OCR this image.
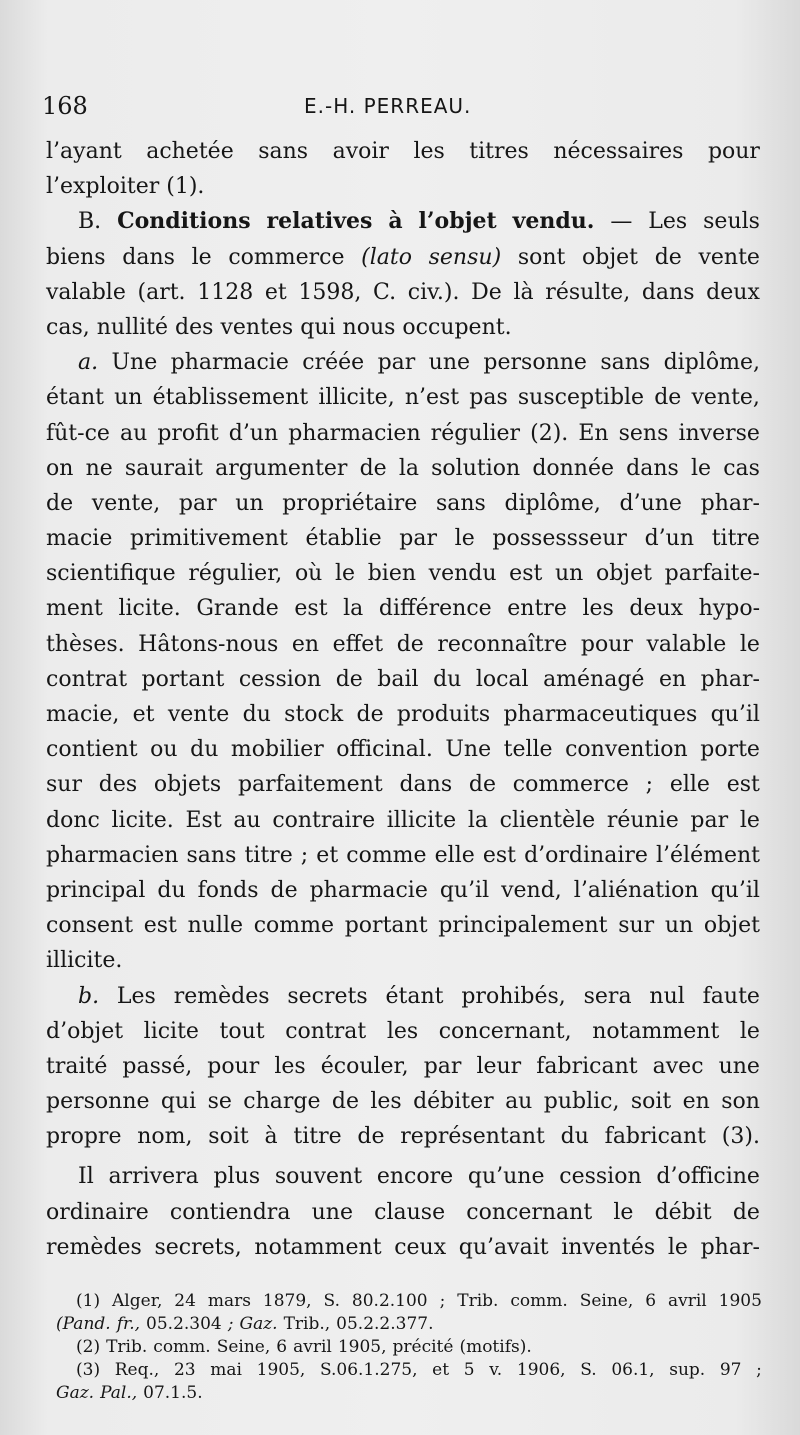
168	E.-H. PERREAU.
l’ayant achetée sans avoir les titres nécessaires pour
l’exploiter (1).
B. Conditions relatives à l’objet vendu. — Les seuls
biens dans le commerce (lato sensu) sont objet de vente
valable (art. 1128 et 1598, C. civ.). De là résulte, dans deux
cas, nullité des ventes qui nous occupent.
a. Une pharmacie créée par une personne sans diplôme,
étant un établissement illicite, n’est pas susceptible de vente,
fût-ce au profit d’un pharmacien régulier (2). En sens inverse
on ne saurait argumenter de la solution donnée dans le cas
de vente, par un propriétaire sans diplôme, d’une phar-
macie primitivement établie par le possessseur d’un titre
scientifique régulier, où le bien vendu est un objet parfaite-
ment licite. Grande est la différence entre les deux hypo-
thèses. Hâtons-nous en effet de reconnaître pour valable le
contrat portant cession de bail du local aménagé en phar-
macie, et vente du stock de produits pharmaceutiques qu’il
contient ou du mobilier officinal. Une telle convention porte
sur des objets parfaitement dans de commerce ; elle est
donc licite. Est au contraire illicite la clientèle réunie par le
pharmacien sans titre ; et comme elle est d’ordinaire l’élément
principal du fonds de pharmacie qu’il vend, l’aliénation qu’il
consent est nulle comme portant principalement sur un objet
illicite.
b. Les remèdes secrets étant prohibés, sera nul faute
d’objet licite tout contrat les concernant, notamment le
traité passé, pour les écouler, par leur fabricant avec une
personne qui se charge de les débiter au public, soit en son
propre nom, soit à titre de représentant du fabricant (3).
Il arrivera plus souvent encore qu’une cession d’officine
ordinaire contiendra une clause concernant le débit de
remèdes secrets, notamment ceux qu’avait inventés le phar-
(1) Alger, 24 mars 1879, S. 80.2.100 ; Trib. comm. Seine, 6 avril 1905
(Pand. fr., 05.2.304 ; Gaz. Trib., 05.2.2.377.
(2) Trib. comm. Seine, 6 avril 1905, précité (motifs).
(3) Req., 23 mai 1905, S.06.1.275, et 5 v. 1906, S. 06.1, sup. 97 ;
Gaz. Pal., 07.1.5.
